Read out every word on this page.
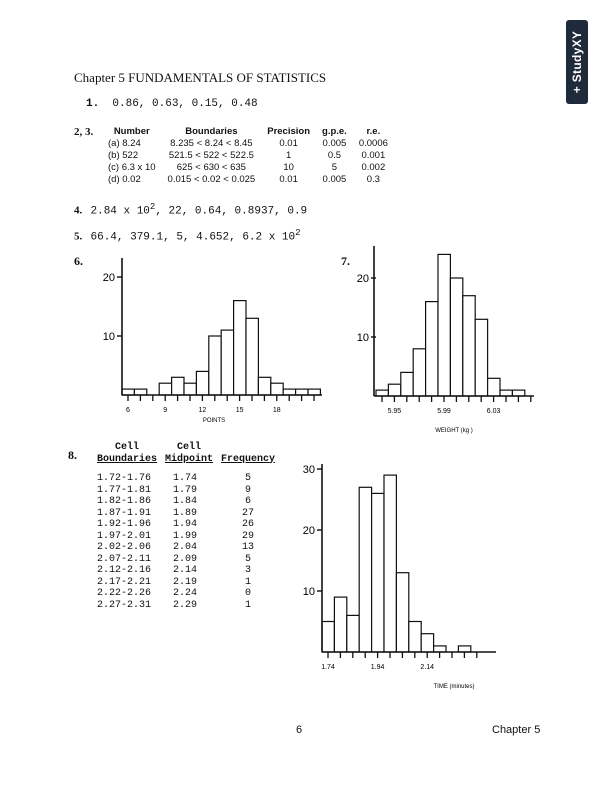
+ StudyXY
Chapter 5 FUNDAMENTALS OF STATISTICS
1. 0.86, 0.63, 0.15, 0.48
2, 3. Number	Boundaries	Precision	g.p.e.	r.e.
(a) 8.24	8.235 < 8.24 < 8.45	0.01	0.005	0.0006
(b) 522	521.5 < 522 < 522.5	1	0.5	0.001
(c) 6.3 x 10	625 < 630 < 635	10	5	0.002
(d) 0.02	0.015 < 0.02 < 0.025	0.01	0.005	0.3
4. 2.84 x $10^2$, 22, 0.64, 0.8937, 0.9
5. 66.4, 379.1, 5, 4.652, 6.2 x $10^2$
6.	7.
8.
10
20
6	9	12	15	18
POINTS
10
20
5.95	5.99	6.03
WEIGHT (kg )
Cell	Cell	
Boundaries	Midpoint	Frequency

1.72-1.76	1.74	5
1.77-1.81	1.79	9
1.82-1.86	1.84	6
1.87-1.91	1.89	27
1.92-1.96	1.94	26
1.97-2.01	1.99	29
2.02-2.06	2.04	13
2.07-2.11	2.09	5
2.12-2.16	2.14	3
2.17-2.21	2.19	1
2.22-2.26	2.24	0
2.27-2.31	2.29	1
10
20
30
1.74	1.94	2.14
TIME (minutes)
6	Chapter 5
